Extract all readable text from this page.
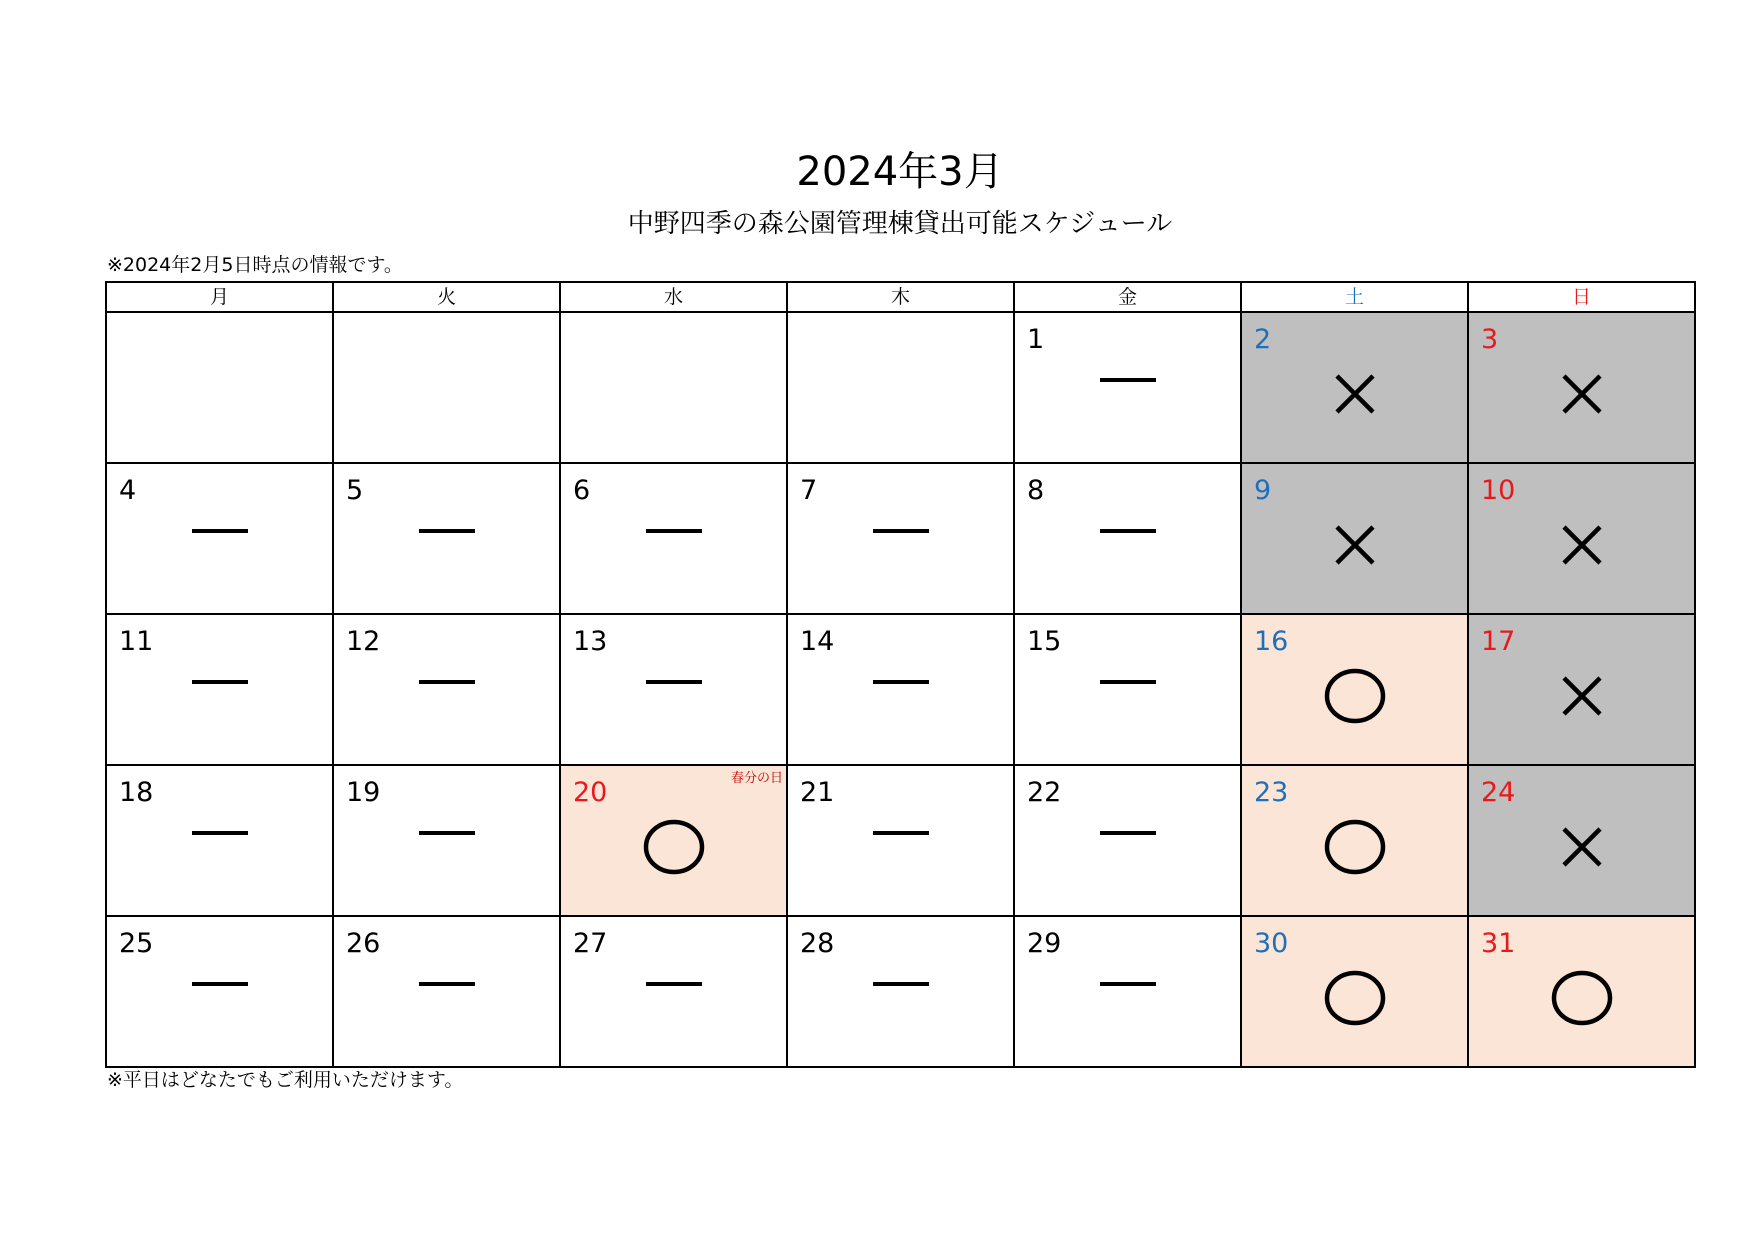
2024年3月
中野四季の森公園管理棟貸出可能スケジュール
※2024年2月5日時点の情報です。
月	火	水	木	金	土	日

				1	2	3

4	5	6	7	8	9	10

11	12	13	14	15	16	17

18	19	20 春分の日	21	22	23	24

25	26	27	28	29	30	31
※平日はどなたでもご利用いただけます。
